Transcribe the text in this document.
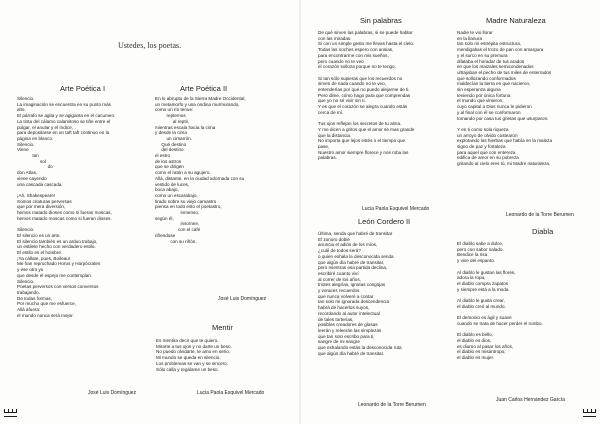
Ustedes, los poetas.
Arte Poética I
Silencio.
La imaginación se encuentra en su punto más
alto.
El párrafo se agita y se agiganta en el cacumen.
La tinta del cálamo calamitoso se tiñe entre el
pulgar, el anular y el índice,
para depositarse en un taft taft continuo en la
página en blanco.
Silencio.
Viene
tan
sol
do
don Atlas,
viene cayendo
una cascada cascada.

¡Ah, Shakespeare!
Somos criaturas perversas
que por mera diversión,
hemos matado dioses como si fueran moscas,
hemos matado moscas como si fueran dioses.

Silencio.
El silencio es un arte.
El silencio también es un arduo trabajo,
un estilete hecho con verdadero estilo.
El estilo es el hombre.
¡Ya cállate, pues, Boileau!
Me han reprochado Horus y Harpócrates
y ese otro yo
que desde el espejo me contemplan.
Silencio.
Poetas perversos con versos conversos
trabajando.
De todas formas,
Por mucho que me esfuerce,
Allá afuera:
el mundo nunca será mejor.
José Luis Domínguez
Arte Poética II
En lo abrupto de la Sierra Madre Occidental,
un metamorfo y una ondina murmurando,
como un río tenue:
reptemos
al reptil,
mientras escala hacia la cima
y desde la cima
un cimarrón.
Qué destino
del destino
el estro
de los astros
que se dirigen
como el ratón a su agujero.
Allá, distante, en la ciudad adornada con su
vestido de luces,
boca abajo,
como un escarabajo,
tirado sobre su viejo camastro
piensa en todo esto el poetastro,
inmenso,
según él,
insomne,
con el café
riñendose
con su riñón.
José Luis Domínguez
Mentir
Es mentira decir que te quiero.
Mirarte a tus ojos y no darte un beso.
No puedo olvidarte, te amo en serio.
Mi mundo se queda en silencio.
Los problemas se van y se sincero.
Sólo calla y regálame un beso.
Lucia Paola Esquivel Mercado
Sin palabras
De qué sirven las palabras, si se puede hablar
con las miradas.
Si con un simple gesto me llevas hasta el cielo.
Todas las noches espero con ansias,
para encontrarme con mis sueños,
pero cuando no te veo
el corazón solloza porque no te tengo.

Si tan sólo supieras que los recuerdos no
sirven de nada cuando no te veo,
entenderías por qué no puedo alejarme de ti.
Pero dime, cómo hago para que comprendas
que yo no sé vivir sin ti.
Y es que el corazón se alegra cuando estás
cerca de mí.

Tus ojos reflejan los secretos de tu alma.
Y me dicen a gritos que el amor se mas grande
que la distancia.
No importa que lejos estés o el tiempo que
pase,
Nuestro amor siempre florece y nos roba las
palabras.
Lucia Paola Esquivel Mercado
León Cordero II
Última, senda que habré de transitar
El zonoro doble
anuncia el adiós de los míos,
¿cuál de todos será?
o quien exhala la desconocida senda
que algún día habré de transitar,
pero mientras esa partida declina,
escribiré cuanto viví
al correr de los años,
triotes alegrías, ignotas congojas
y voraces recuerdos
que nunca volveré a contar
tan solo mi ignorada descendencia
habrá de hacerlos suyos,
recordando al autor intelectual
de tales torterías,
posibles creadores de glosas
leerán y releerán las simplezas
que tan solo escribo para ti,
sangre de mi sangre
que exhalando estás la desconocida ruta
que algún día habré de transitar.
Leonardo de la Torre Berumen
Madre Naturaleza
Nadie te vio llorar
en la llanura
tan solo mi estrépita estructura,
mendigabas el trozo de pan con amargura
y el surco en su premura
dilataba el horadar de tus arados
en que los maizales semicondenados
ultrajaban el pecho de tus miles de enterrados
que sollozando conformados
maldecían la tierra en que nacieron,
sin esperanza alguna
teniendo por única fortuna
el mundo que vinieron,
cuyo capital a Dios nunca le pidieron
y al final con él se conformaron
tomando por casa tus grietas que usurparon.

Y en ti como sola riqueza
un arroyo de olvido costearon
explotando las hierbas que había en la maleza
signo de paz y fortaleza
para aquel que con entereza
edifica de amor en su pobreza
gritando al cielo eres tú, mi Madre naturaleza.
Leonardo de la Torre Berumen
Diabla
El diablo sabe a dulce,
pero con sabor salado.
Bendice la risa
y vive del espanto.

Al diablo le gustan las flores,
adora la ropa,
el diablo compra zapatos
y siempre está a la moda.

Al diablo le gusta crear,
el diablo creó al mundo.

El demonio es ágil y suave
cuando se trata de hacer perder el rumbo.

El diablo es bello,
el diablo es dios,
es diurno al pasar los años,
el diablo es misántropo,
el diablo es mujer.
Juan Carlos Hernández García
